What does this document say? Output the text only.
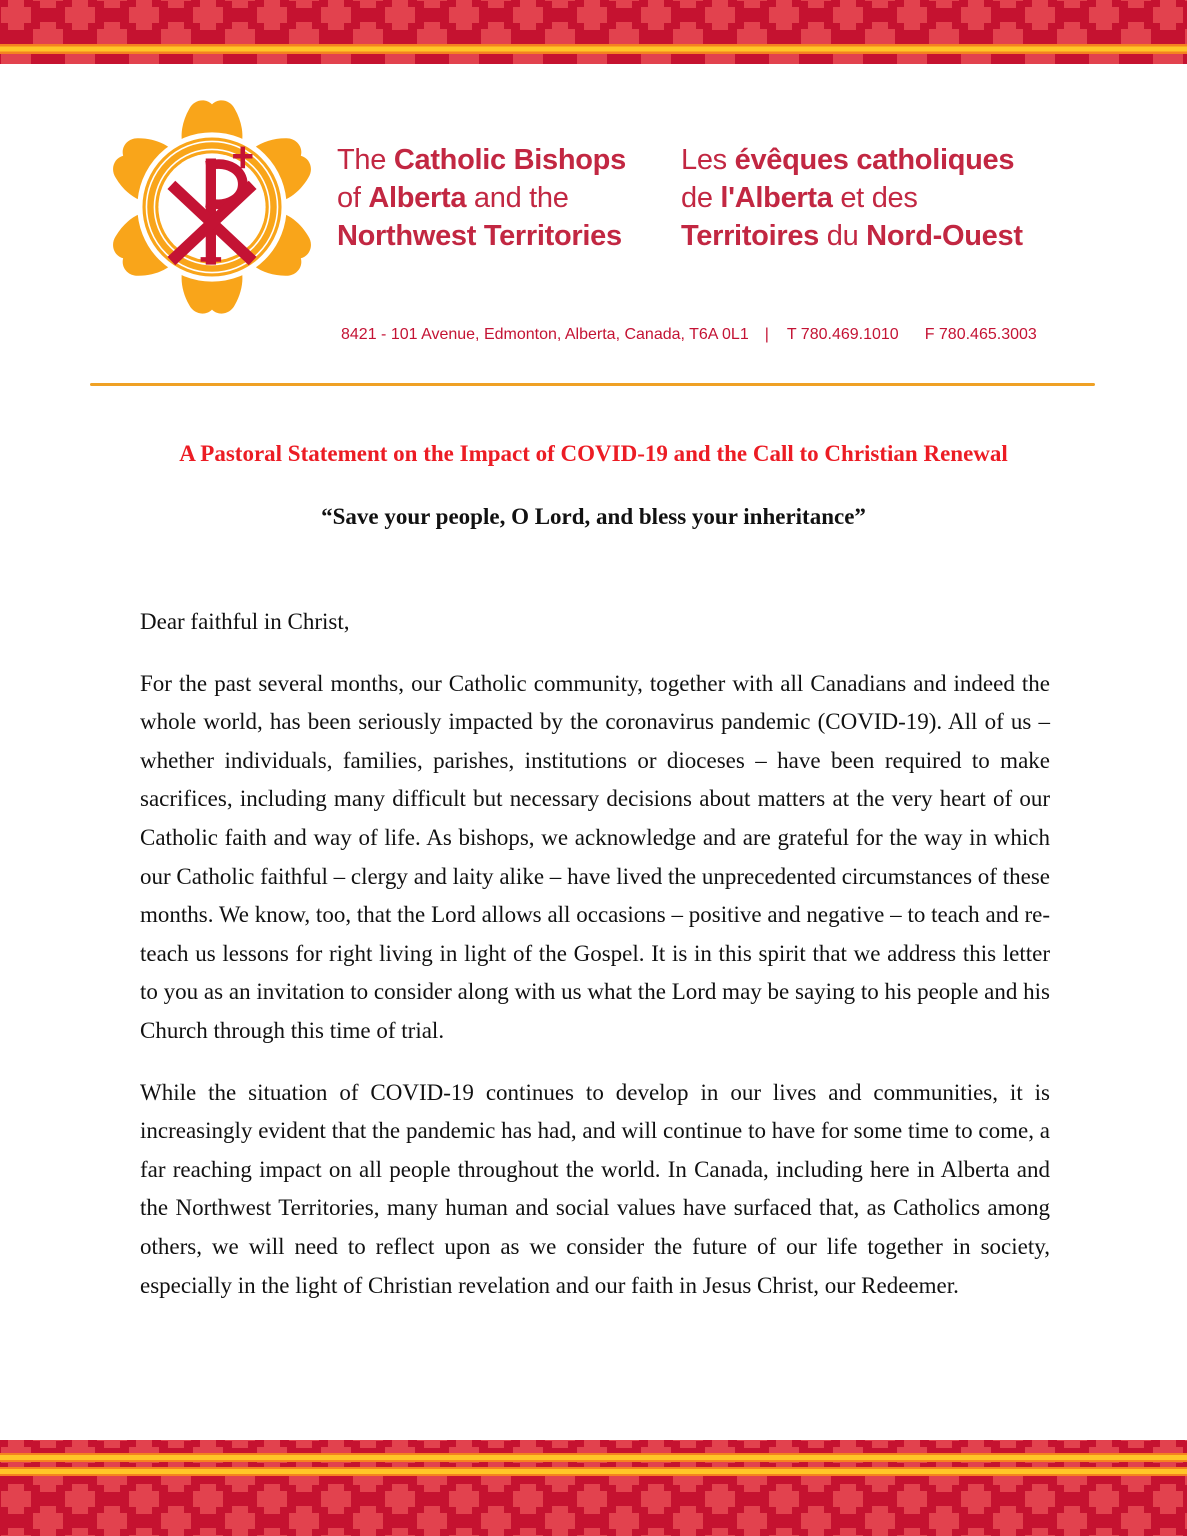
The Catholic Bishops
of Alberta and the
Northwest Territories
Les évêques catholiques
de l'Alberta et des
Territoires du Nord-Ouest
8421 - 101 Avenue, Edmonton, Alberta, Canada, T6A 0L1 | T 780.469.1010 F 780.465.3003
A Pastoral Statement on the Impact of COVID-19 and the Call to Christian Renewal
“Save your people, O Lord, and bless your inheritance”

Dear faithful in Christ,

For the past several months, our Catholic community, together with all Canadians and indeed the whole world, has been seriously impacted by the coronavirus pandemic (COVID-19). All of us – whether individuals, families, parishes, institutions or dioceses – have been required to make sacrifices, including many difficult but necessary decisions about matters at the very heart of our Catholic faith and way of life. As bishops, we acknowledge and are grateful for the way in which our Catholic faithful – clergy and laity alike – have lived the unprecedented circumstances of these months. We know, too, that the Lord allows all occasions – positive and negative – to teach and re-teach us lessons for right living in light of the Gospel. It is in this spirit that we address this letter to you as an invitation to consider along with us what the Lord may be saying to his people and his Church through this time of trial.

While the situation of COVID-19 continues to develop in our lives and communities, it is increasingly evident that the pandemic has had, and will continue to have for some time to come, a far reaching impact on all people throughout the world. In Canada, including here in Alberta and the Northwest Territories, many human and social values have surfaced that, as Catholics among others, we will need to reflect upon as we consider the future of our life together in society, especially in the light of Christian revelation and our faith in Jesus Christ, our Redeemer.
